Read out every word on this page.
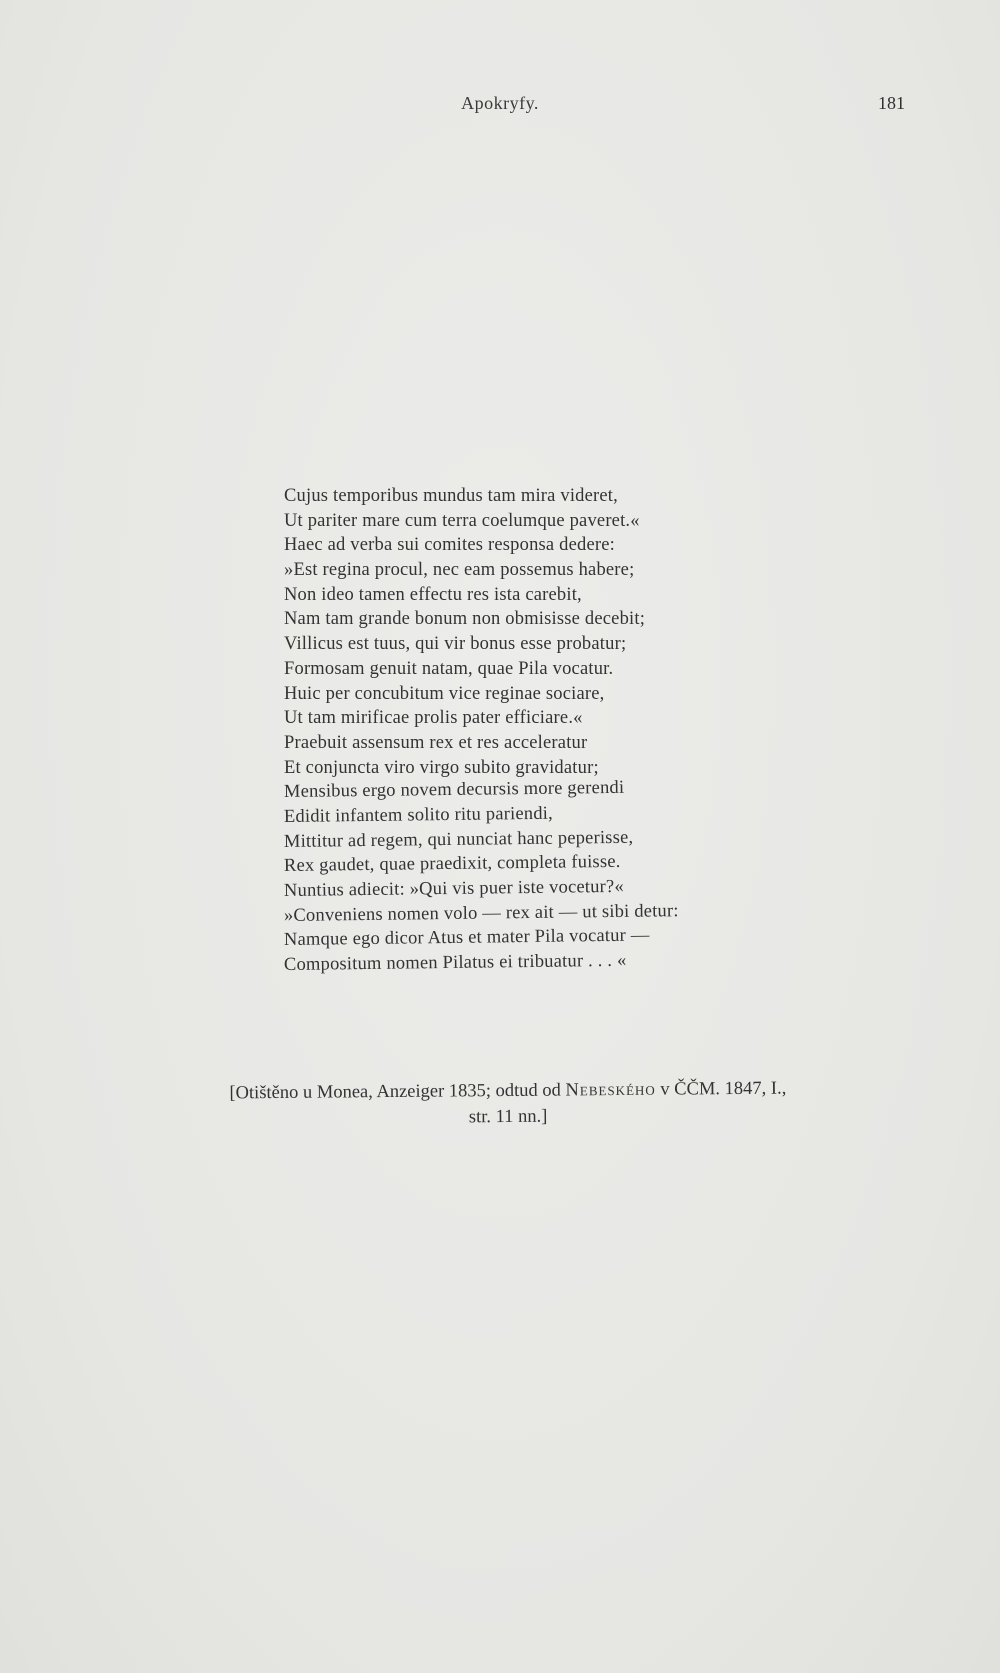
Apokryfy.	181
Cujus temporibus mundus tam mira videret,
Ut pariter mare cum terra coelumque paveret.«
Haec ad verba sui comites responsa dedere:
»Est regina procul, nec eam possemus habere;
Non ideo tamen effectu res ista carebit,
Nam tam grande bonum non obmisisse decebit;
Villicus est tuus, qui vir bonus esse probatur;
Formosam genuit natam, quae Pila vocatur.
Huic per concubitum vice reginae sociare,
Ut tam mirificae prolis pater efficiare.«
Praebuit assensum rex et res acceleratur
Et conjuncta viro virgo subito gravidatur;
Mensibus ergo novem decursis more gerendi
Edidit infantem solito ritu pariendi,
Mittitur ad regem, qui nunciat hanc peperisse,
Rex gaudet, quae praedixit, completa fuisse.
Nuntius adiecit: »Qui vis puer iste vocetur?«
»Conveniens nomen volo — rex ait — ut sibi detur:
Namque ego dicor Atus et mater Pila vocatur —
Compositum nomen Pilatus ei tribuatur . . . «
[Otištěno u Monea, Anzeiger 1835; odtud od Nebeského v ČČM. 1847, I.,
str. 11 nn.]
